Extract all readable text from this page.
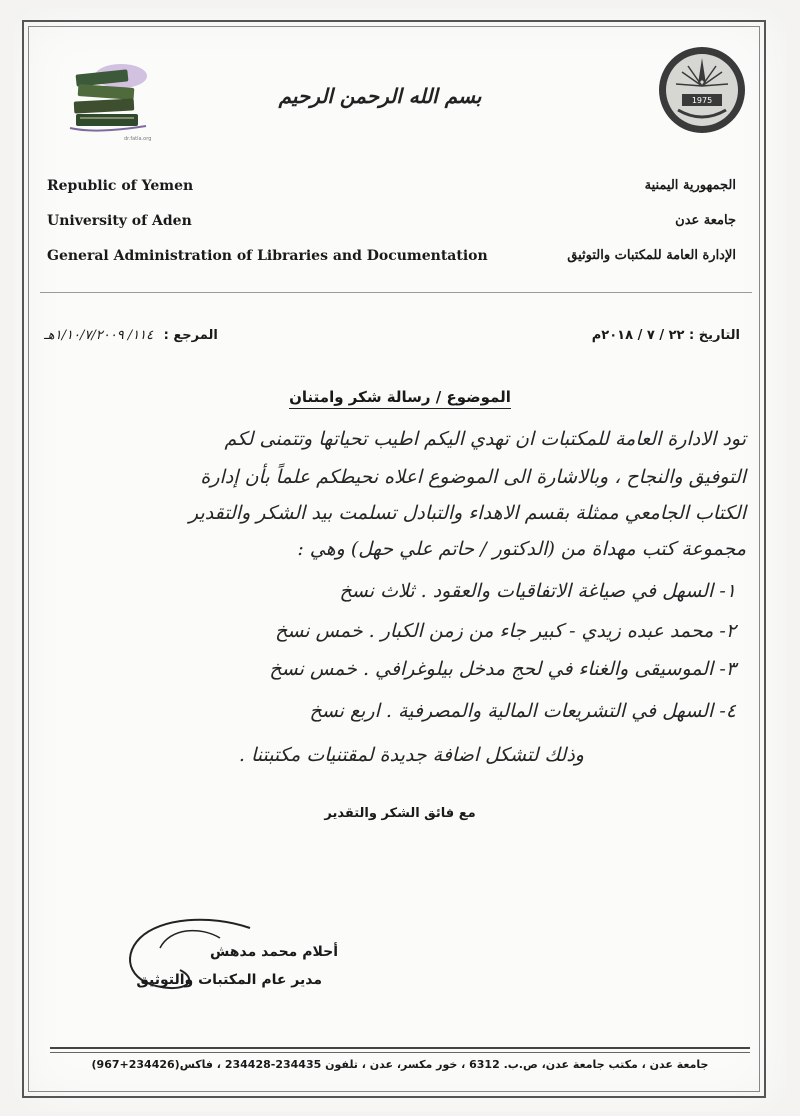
dr.fatla.org
بسم الله الرحمن الرحيم	1975
Republic of Yemen
University of Aden
General Administration of Libraries and Documentation
الجمهورية اليمنية
جامعة عدن
الإدارة العامة للمكتبات والتوثيق
التاريخ : ٢٢ / ٧ / ٢٠١٨م
المرجع : ١١٤/ ١/١٠/٧/٢٠٠٩هـ
الموضوع / رسالة شكر وامتنان
تود الادارة العامة للمكتبات ان تهدي اليكم اطيب تحياتها وتتمنى لكم
التوفيق والنجاح ، وبالاشارة الى الموضوع اعلاه نحيطكم علماً بأن إدارة
الكتاب الجامعي ممثلة بقسم الاهداء والتبادل تسلمت بيد الشكر والتقدير
مجموعة كتب مهداة من (الدكتور / حاتم علي حهل) وهي :
١- السهل في صياغة الاتفاقيات والعقود . ثلاث نسخ
٢- محمد عبده زيدي - كبير جاء من زمن الكبار . خمس نسخ
٣- الموسيقى والغناء في لحج مدخل بيلوغرافي . خمس نسخ
٤- السهل في التشريعات المالية والمصرفية . اربع نسخ
وذلك لتشكل اضافة جديدة لمقتنيات مكتبتنا .
مع فائق الشكر والتقدير
أحلام محمد مدهش
مدير عام المكتبات والتوثيق
جامعة عدن ، مكتب جامعة عدن، ص.ب. 6312 ، خور مكسر، عدن ، تلفون 234435-234428 ، فاكس(234426+967)
